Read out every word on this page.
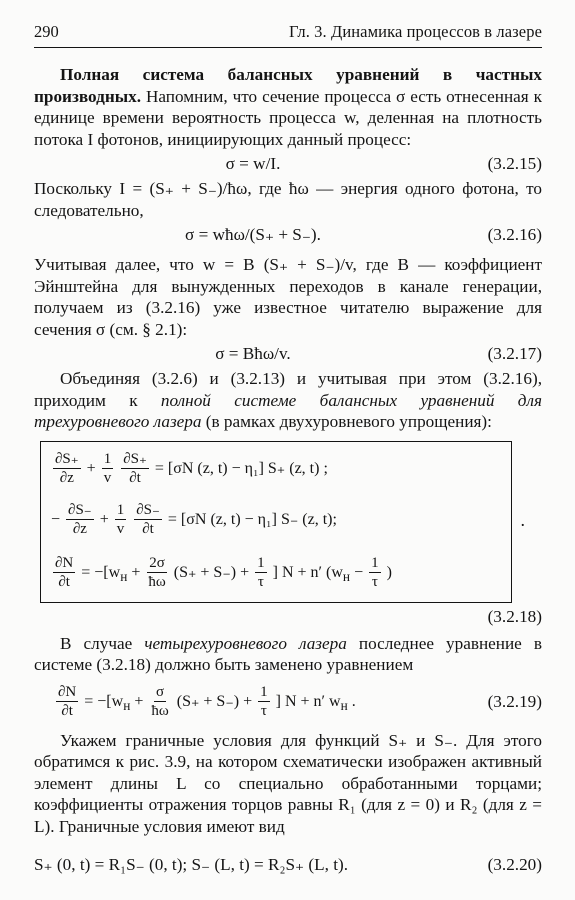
290	Гл. 3. Динамика процессов в лазере

Полная система балансных уравнений в частных производных. Напомним, что сечение процесса σ есть отнесенная к единице времени вероятность процесса w, деленная на плотность потока I фотонов, инициирующих данный процесс:

σ = w/I.	(3.2.15)

Поскольку I = (S₊ + S₋)/ħω, где ħω — энергия одного фотона, то следовательно,

σ = wħω/(S₊ + S₋).	(3.2.16)

Учитывая далее, что w = B (S₊ + S₋)/v, где B — коэффициент Эйнштейна для вынужденных переходов в канале генерации, получаем из (3.2.16) уже известное читателю выражение для сечения σ (см. § 2.1):

σ = Bħω/v.	(3.2.17)

Объединяя (3.2.6) и (3.2.13) и учитывая при этом (3.2.16), приходим к полной системе балансных уравнений для трехуровневого лазера (в рамках двухуровневого упрощения):

$\frac{\partial S_+}{\partial z} + \frac{1}{v}$
$\frac{\partial S_+}{\partial t} = [\sigma N$ (z, t) − η₁] S₊ (z, t) ;
− $\frac{\partial S_-}{\partial z} + \frac{1}{v}$
$\frac{\partial S_-}{\partial t} = [\sigma N$ (z, t) − η₁] S₋ (z, t);
$\frac{\partial N}{\partial t} = -[w_н + \frac{2\sigma}{ħ\omega} (S_+ + S_-) + \frac{1}{\tau}$ ] N + n′ ($w_н - \frac{1}{\tau}$ )
.
(3.2.18)

В случае четырехуровневого лазера последнее уравнение в системе (3.2.18) должно быть заменено уравнением

$\frac{\partial N}{\partial t} = -[w_н + \frac{\sigma}{ħ\omega} (S_+ + S_-) + \frac{1}{\tau}$ ] N + n′ $w_н$ .	(3.2.19)

Укажем граничные условия для функций S₊ и S₋. Для этого обратимся к рис. 3.9, на котором схематически изображен активный элемент длины L со специально обработанными торцами; коэффициенты отражения торцов равны R₁ (для z = 0) и R₂ (для z = L). Граничные условия имеют вид

S₊ (0, t) = R₁S₋ (0, t); S₋ (L, t) = R₂S₊ (L, t).	(3.2.20)
